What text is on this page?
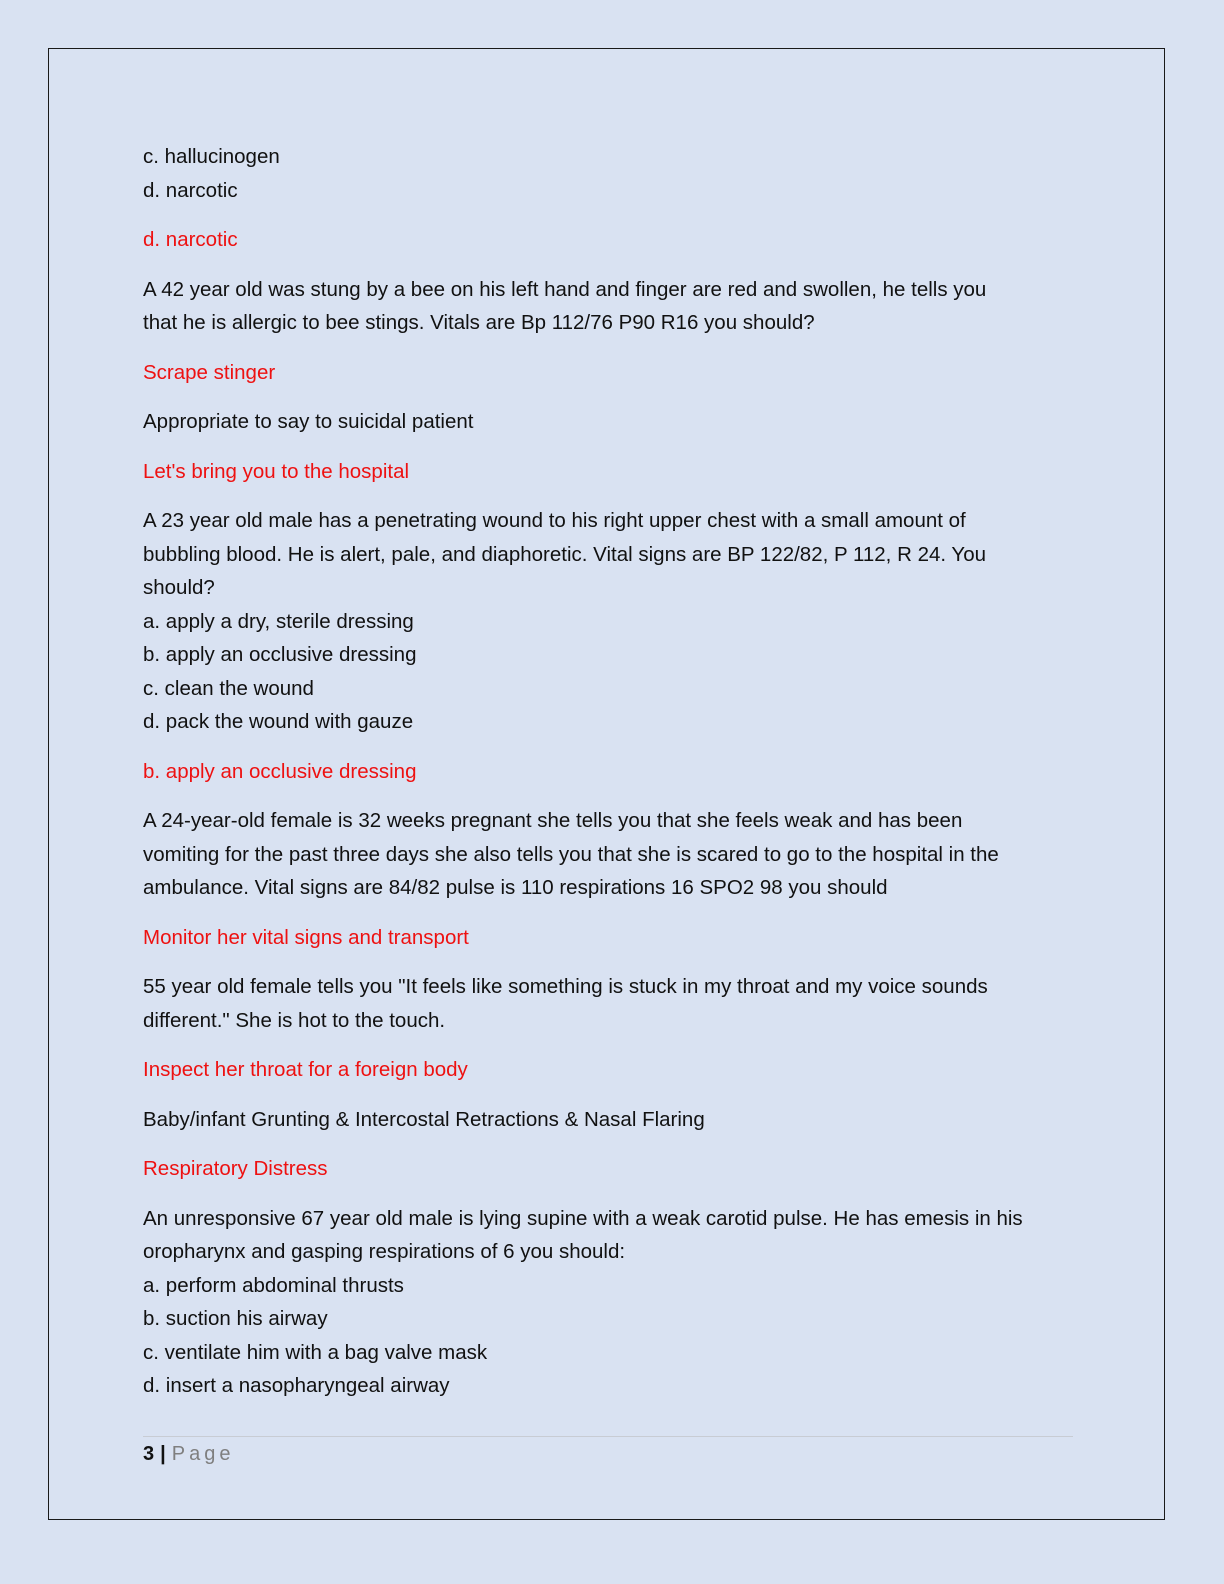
c. hallucinogen
d. narcotic
d. narcotic
A 42 year old was stung by a bee on his left hand and finger are red and swollen, he tells you
that he is allergic to bee stings. Vitals are Bp 112/76 P90 R16 you should?
Scrape stinger
Appropriate to say to suicidal patient
Let's bring you to the hospital
A 23 year old male has a penetrating wound to his right upper chest with a small amount of
bubbling blood. He is alert, pale, and diaphoretic. Vital signs are BP 122/82, P 112, R 24. You
should?
a. apply a dry, sterile dressing
b. apply an occlusive dressing
c. clean the wound
d. pack the wound with gauze
b. apply an occlusive dressing
A 24-year-old female is 32 weeks pregnant she tells you that she feels weak and has been
vomiting for the past three days she also tells you that she is scared to go to the hospital in the
ambulance. Vital signs are 84/82 pulse is 110 respirations 16 SPO2 98 you should
Monitor her vital signs and transport
55 year old female tells you "It feels like something is stuck in my throat and my voice sounds
different." She is hot to the touch.
Inspect her throat for a foreign body
Baby/infant Grunting & Intercostal Retractions & Nasal Flaring
Respiratory Distress
An unresponsive 67 year old male is lying supine with a weak carotid pulse. He has emesis in his
oropharynx and gasping respirations of 6 you should:
a. perform abdominal thrusts
b. suction his airway
c. ventilate him with a bag valve mask
d. insert a nasopharyngeal airway
3 | Page
